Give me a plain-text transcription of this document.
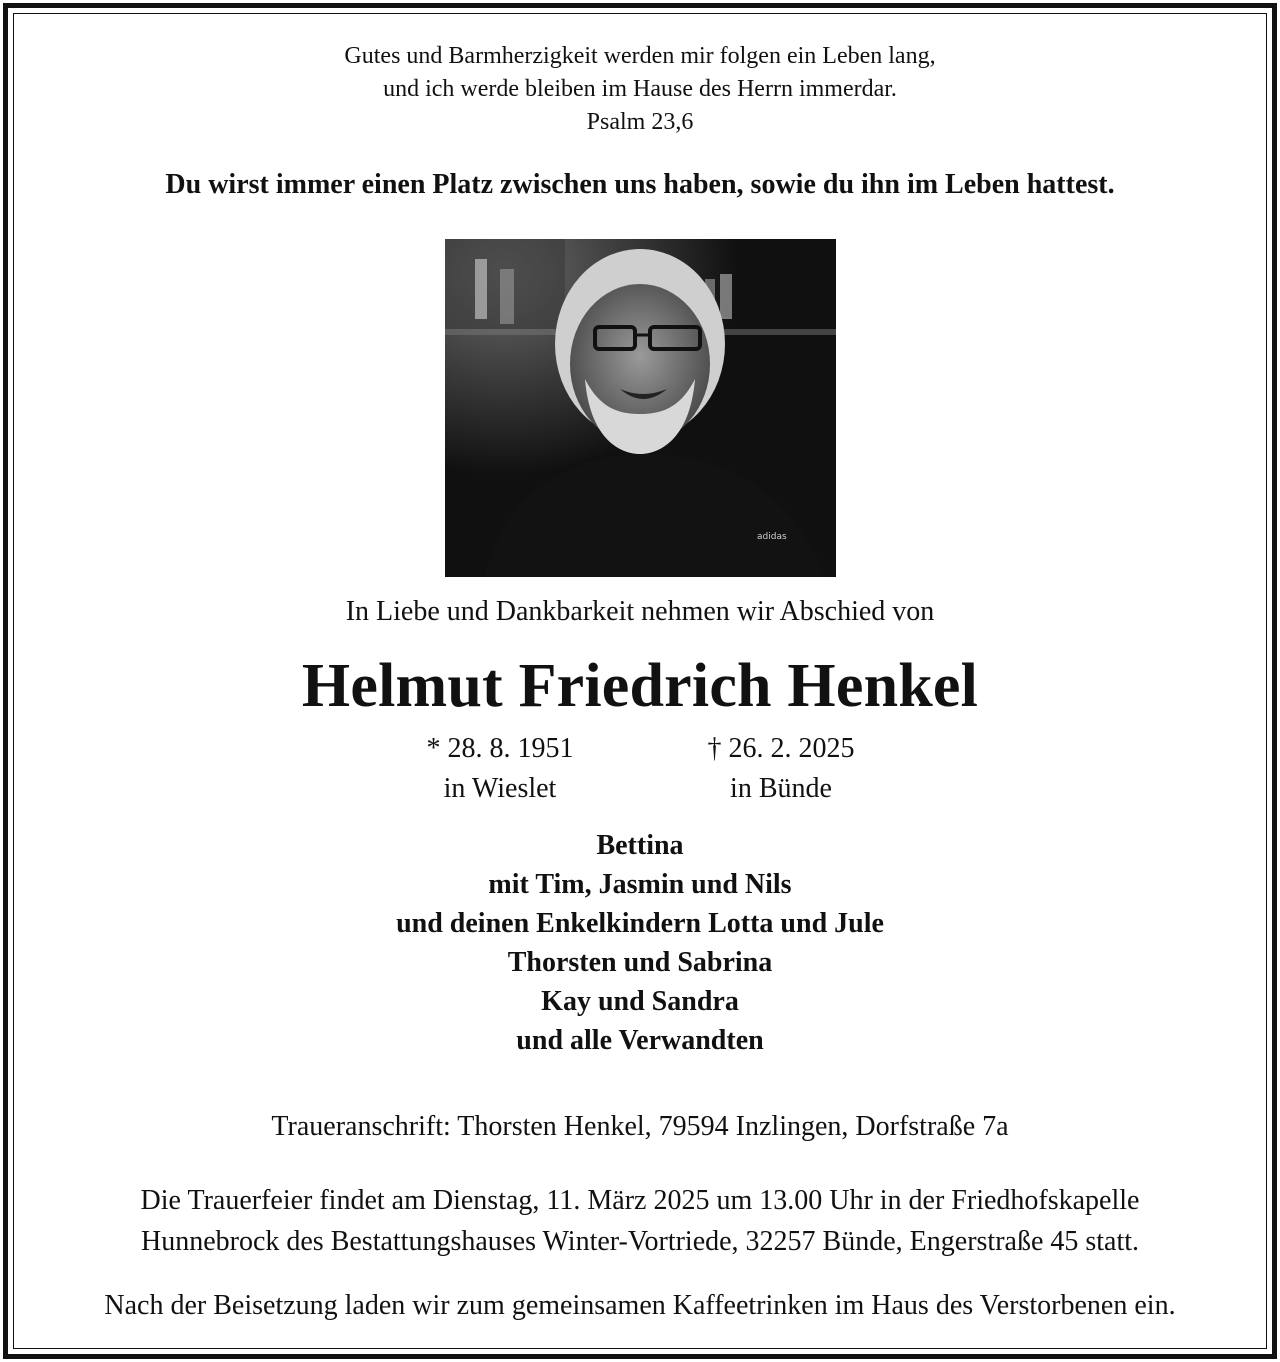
Gutes und Barmherzigkeit werden mir folgen ein Leben lang,
und ich werde bleiben im Hause des Herrn immerdar.
Psalm 23,6
Du wirst immer einen Platz zwischen uns haben, sowie du ihn im Leben hattest.
adidas
In Liebe und Dankbarkeit nehmen wir Abschied von
Helmut Friedrich Henkel
* 28. 8. 1951
in Wieslet
† 26. 2. 2025
in Bünde
Bettina
mit Tim, Jasmin und Nils
und deinen Enkelkindern Lotta und Jule
Thorsten und Sabrina
Kay und Sandra
und alle Verwandten
Traueranschrift: Thorsten Henkel, 79594 Inzlingen, Dorfstraße 7a
Die Trauerfeier findet am Dienstag, 11. März 2025 um 13.00 Uhr in der Friedhofskapelle
Hunnebrock des Bestattungshauses Winter-Vortriede, 32257 Bünde, Engerstraße 45 statt.
Nach der Beisetzung laden wir zum gemeinsamen Kaffeetrinken im Haus des Verstorbenen ein.
